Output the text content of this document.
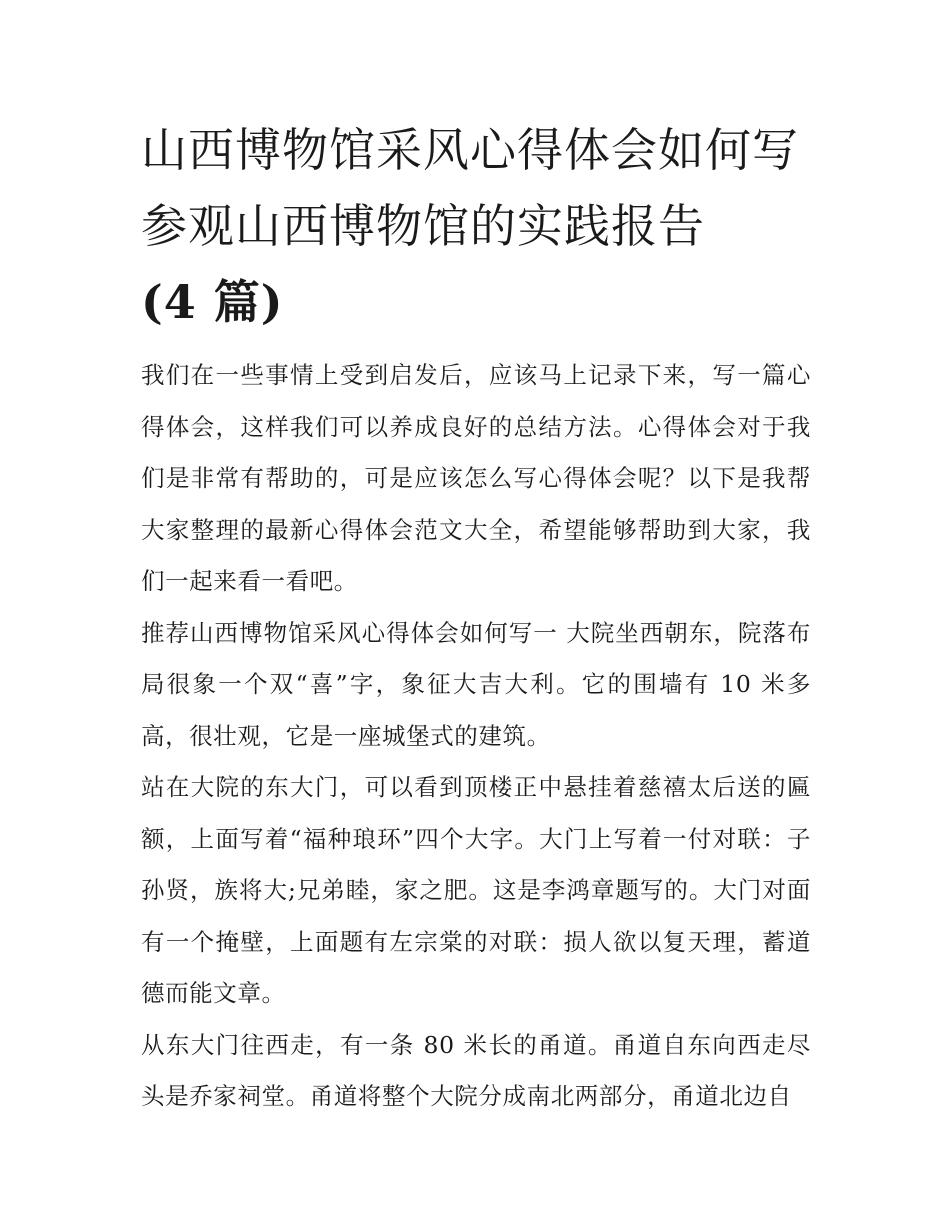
山西博物馆采风心得体会如何写 参观山西博物馆的实践报告
(4 篇)

我们在一些事情上受到启发后，应该马上记录下来，写一篇心得体会，这样我们可以养成良好的总结方法。心得体会对于我们是非常有帮助的，可是应该怎么写心得体会呢？以下是我帮大家整理的最新心得体会范文大全，希望能够帮助到大家，我们一起来看一看吧。

推荐山西博物馆采风心得体会如何写一 大院坐西朝东，院落布局很象一个双“喜”字，象征大吉大利。它的围墙有 10 米多高，很壮观，它是一座城堡式的建筑。

站在大院的东大门，可以看到顶楼正中悬挂着慈禧太后送的匾额，上面写着“福种琅环”四个大字。大门上写着一付对联：子孙贤，族将大;兄弟睦，家之肥。这是李鸿章题写的。大门对面有一个掩壁，上面题有左宗棠的对联：损人欲以复天理，蓄道德而能文章。

从东大门往西走，有一条 80 米长的甬道。甬道自东向西走尽头是乔家祠堂。甬道将整个大院分成南北两部分，甬道北边自
